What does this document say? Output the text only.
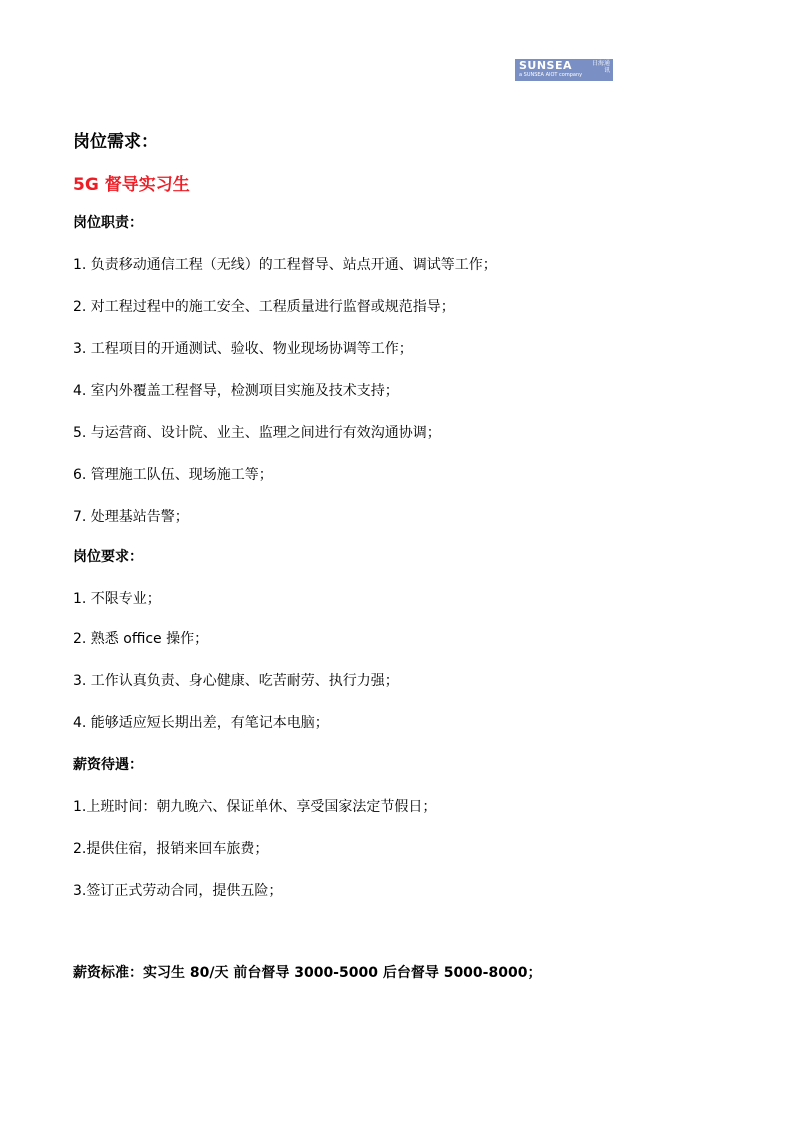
SUNSEA	日海通讯
a SUNSEA AIOT company
岗位需求：
5G 督导实习生
岗位职责：
1. 负责移动通信工程（无线）的工程督导、站点开通、调试等工作；
2. 对工程过程中的施工安全、工程质量进行监督或规范指导；
3. 工程项目的开通测试、验收、物业现场协调等工作；
4. 室内外覆盖工程督导，检测项目实施及技术支持；
5. 与运营商、设计院、业主、监理之间进行有效沟通协调；
6. 管理施工队伍、现场施工等；
7. 处理基站告警；
岗位要求：
1. 不限专业；
2. 熟悉 office 操作；
3. 工作认真负责、身心健康、吃苦耐劳、执行力强；
4. 能够适应短长期出差，有笔记本电脑；
薪资待遇：
1.上班时间：朝九晚六、保证单休、享受国家法定节假日；
2.提供住宿，报销来回车旅费；
3.签订正式劳动合同，提供五险；
薪资标准：实习生 80/天 前台督导 3000-5000 后台督导 5000-8000；
